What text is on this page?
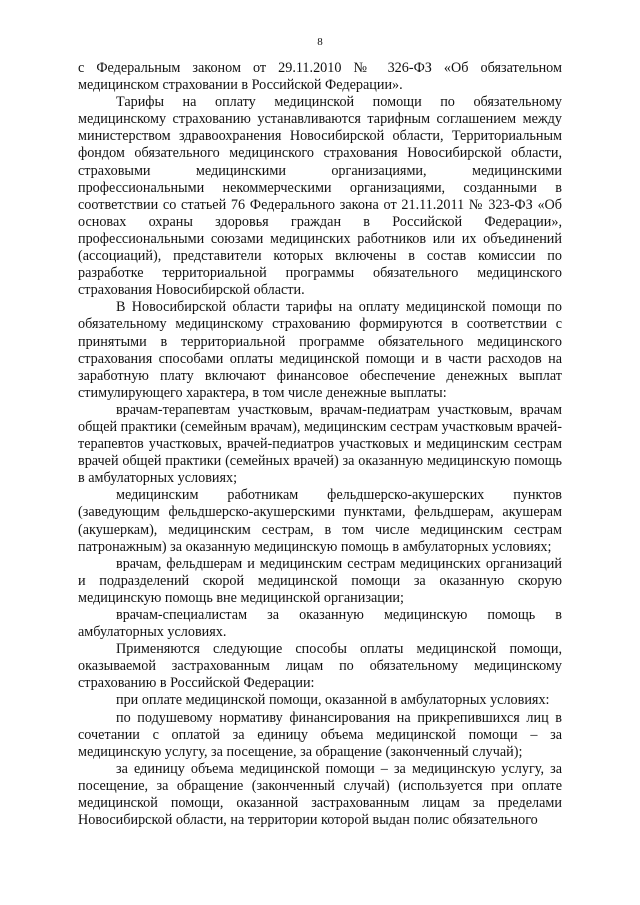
8

с Федеральным законом от 29.11.2010 № 326-ФЗ «Об обязательном медицинском страховании в Российской Федерации».

Тарифы на оплату медицинской помощи по обязательному медицинскому страхованию устанавливаются тарифным соглашением между министерством здравоохранения Новосибирской области, Территориальным фондом обязательного медицинского страхования Новосибирской области, страховыми медицинскими организациями, медицинскими профессиональными некоммерческими организациями, созданными в соответствии со статьей 76 Федерального закона от 21.11.2011 № 323-ФЗ «Об основах охраны здоровья граждан в Российской Федерации», профессиональными союзами медицинских работников или их объединений (ассоциаций), представители которых включены в состав комиссии по разработке территориальной программы обязательного медицинского страхования Новосибирской области.

В Новосибирской области тарифы на оплату медицинской помощи по обязательному медицинскому страхованию формируются в соответствии с принятыми в территориальной программе обязательного медицинского страхования способами оплаты медицинской помощи и в части расходов на заработную плату включают финансовое обеспечение денежных выплат стимулирующего характера, в том числе денежные выплаты:

врачам-терапевтам участковым, врачам-педиатрам участковым, врачам общей практики (семейным врачам), медицинским сестрам участковым врачей-терапевтов участковых, врачей-педиатров участковых и медицинским сестрам врачей общей практики (семейных врачей) за оказанную медицинскую помощь в амбулаторных условиях;

медицинским работникам фельдшерско-акушерских пунктов (заведующим фельдшерско-акушерскими пунктами, фельдшерам, акушерам (акушеркам), медицинским сестрам, в том числе медицинским сестрам патронажным) за оказанную медицинскую помощь в амбулаторных условиях;

врачам, фельдшерам и медицинским сестрам медицинских организаций и подразделений скорой медицинской помощи за оказанную скорую медицинскую помощь вне медицинской организации;

врачам-специалистам за оказанную медицинскую помощь в амбулаторных условиях.

Применяются следующие способы оплаты медицинской помощи, оказываемой застрахованным лицам по обязательному медицинскому страхованию в Российской Федерации:

при оплате медицинской помощи, оказанной в амбулаторных условиях:

по подушевому нормативу финансирования на прикрепившихся лиц в сочетании с оплатой за единицу объема медицинской помощи – за медицинскую услугу, за посещение, за обращение (законченный случай);

за единицу объема медицинской помощи – за медицинскую услугу, за посещение, за обращение (законченный случай) (используется при оплате медицинской помощи, оказанной застрахованным лицам за пределами Новосибирской области, на территории которой выдан полис обязательного
